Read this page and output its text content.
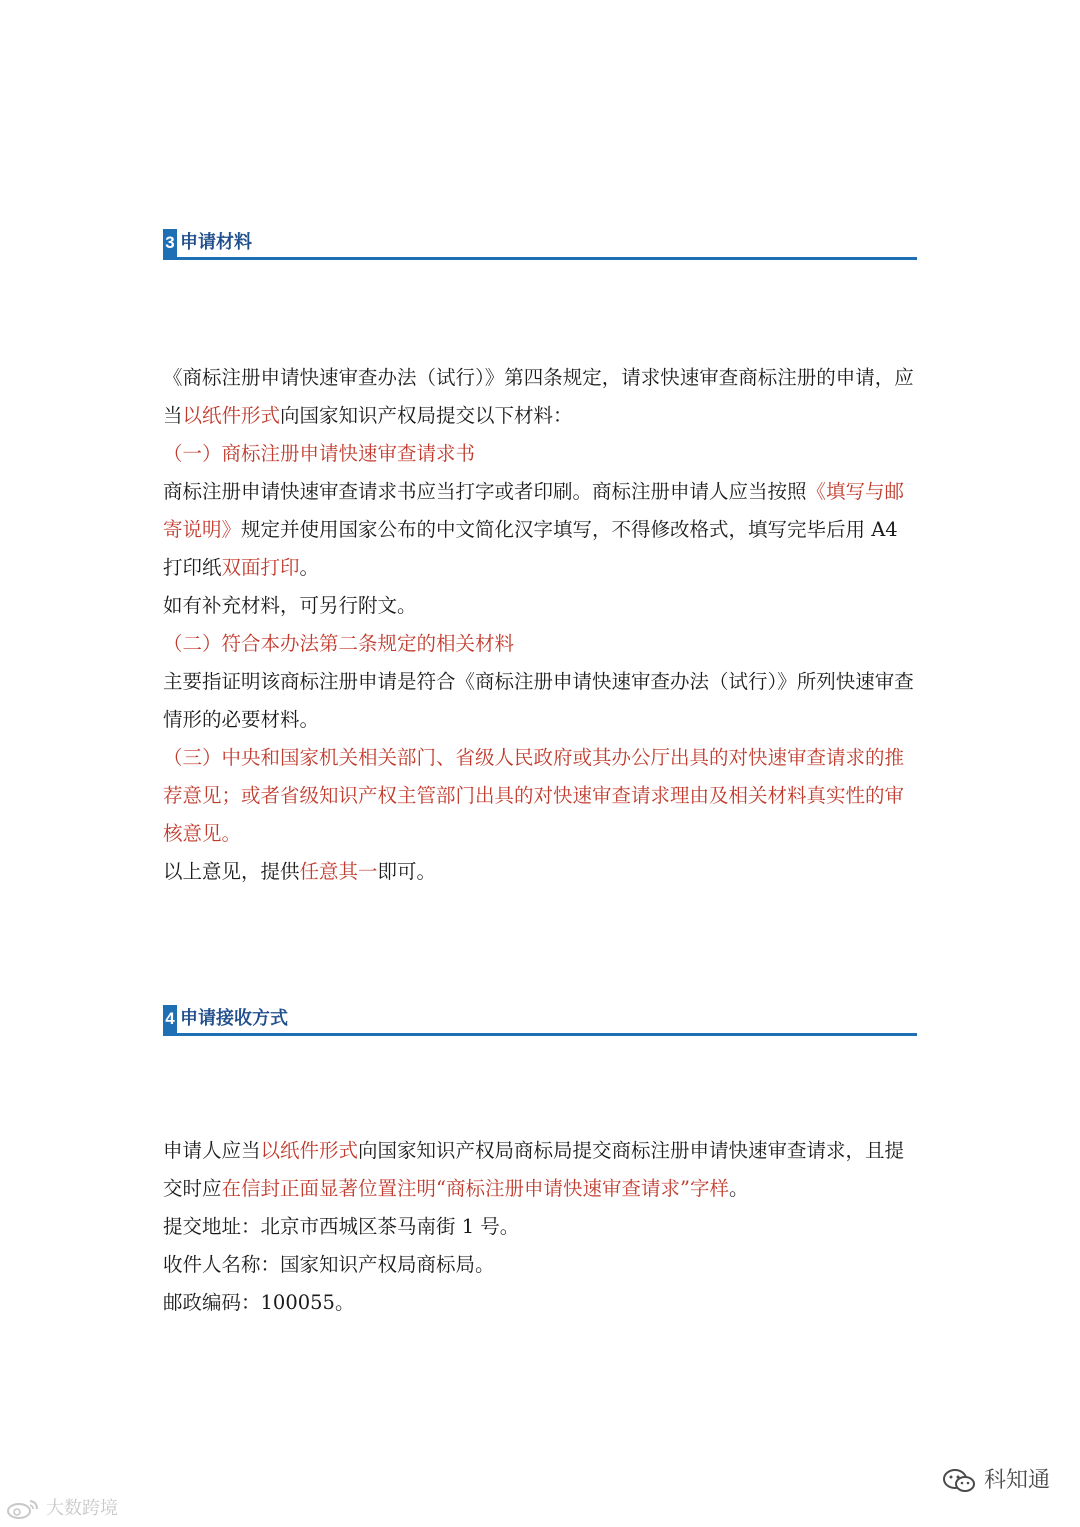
3 申请材料

《商标注册申请快速审查办法（试行）》第四条规定，请求快速审查商标注册的申请，应当以纸件形式向国家知识产权局提交以下材料：

（一）商标注册申请快速审查请求书

商标注册申请快速审查请求书应当打字或者印刷。商标注册申请人应当按照《填写与邮寄说明》规定并使用国家公布的中文简化汉字填写，不得修改格式，填写完毕后用 A4 打印纸双面打印。

如有补充材料，可另行附文。

（二）符合本办法第二条规定的相关材料

主要指证明该商标注册申请是符合《商标注册申请快速审查办法（试行）》所列快速审查情形的必要材料。

（三）中央和国家机关相关部门、省级人民政府或其办公厅出具的对快速审查请求的推荐意见；或者省级知识产权主管部门出具的对快速审查请求理由及相关材料真实性的审核意见。

以上意见，提供任意其一即可。

4 申请接收方式

申请人应当以纸件形式向国家知识产权局商标局提交商标注册申请快速审查请求，且提交时应在信封正面显著位置注明“商标注册申请快速审查请求”字样。

提交地址：北京市西城区茶马南街 1 号。

收件人名称：国家知识产权局商标局。

邮政编码：100055。

大数跨境
科知通
